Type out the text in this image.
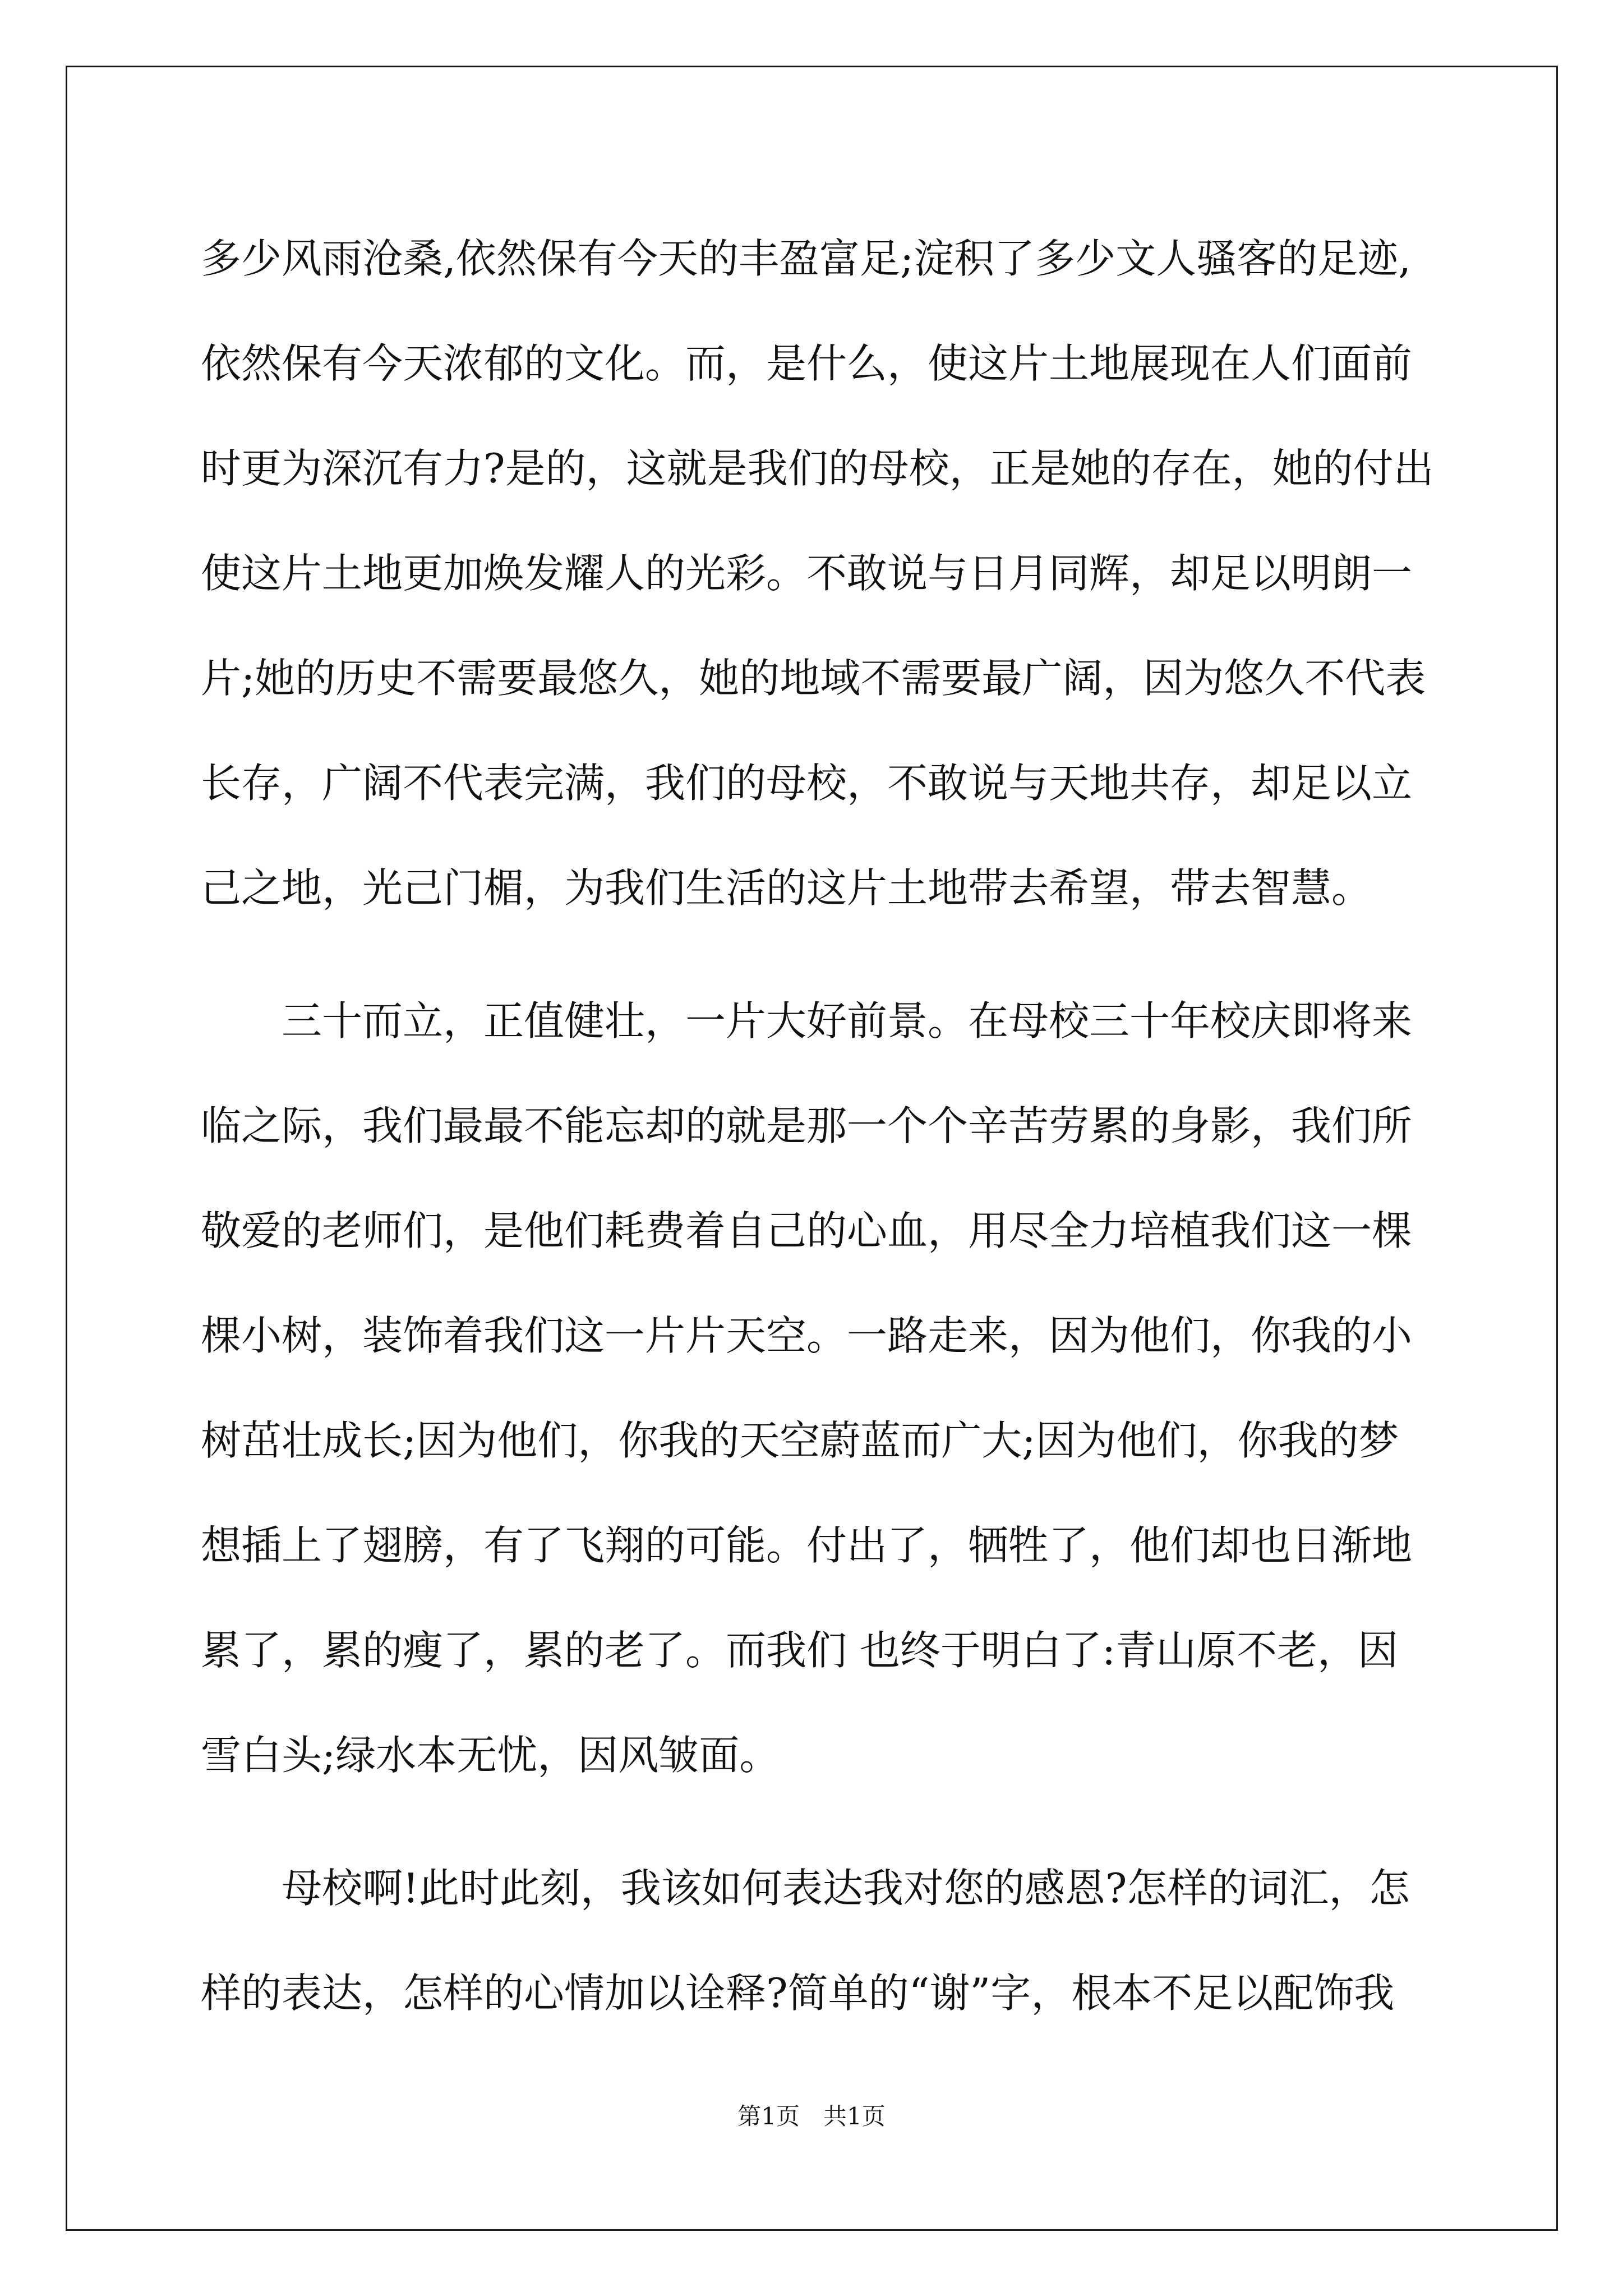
多少风雨沧桑,依然保有今天的丰盈富足;淀积了多少文人骚客的足迹,
依然保有今天浓郁的文化。而，是什么，使这片土地展现在人们面前
时更为深沉有力?是的，这就是我们的母校，正是她的存在，她的付出
使这片土地更加焕发耀人的光彩。不敢说与日月同辉，却足以明朗一
片;她的历史不需要最悠久，她的地域不需要最广阔，因为悠久不代表
长存，广阔不代表完满，我们的母校，不敢说与天地共存，却足以立
己之地，光己门楣，为我们生活的这片土地带去希望，带去智慧。
　　三十而立，正值健壮，一片大好前景。在母校三十年校庆即将来
临之际，我们最最不能忘却的就是那一个个辛苦劳累的身影，我们所
敬爱的老师们，是他们耗费着自己的心血，用尽全力培植我们这一棵
棵小树，装饰着我们这一片片天空。一路走来，因为他们，你我的小
树茁壮成长;因为他们，你我的天空蔚蓝而广大;因为他们，你我的梦
想插上了翅膀，有了飞翔的可能。付出了，牺牲了，他们却也日渐地
累了，累的瘦了，累的老了。而我们 也终于明白了:青山原不老，因
雪白头;绿水本无忧，因风皱面。
　　母校啊!此时此刻，我该如何表达我对您的感恩?怎样的词汇，怎
样的表达，怎样的心情加以诠释?简单的“谢”字，根本不足以配饰我
第1页 共1页
